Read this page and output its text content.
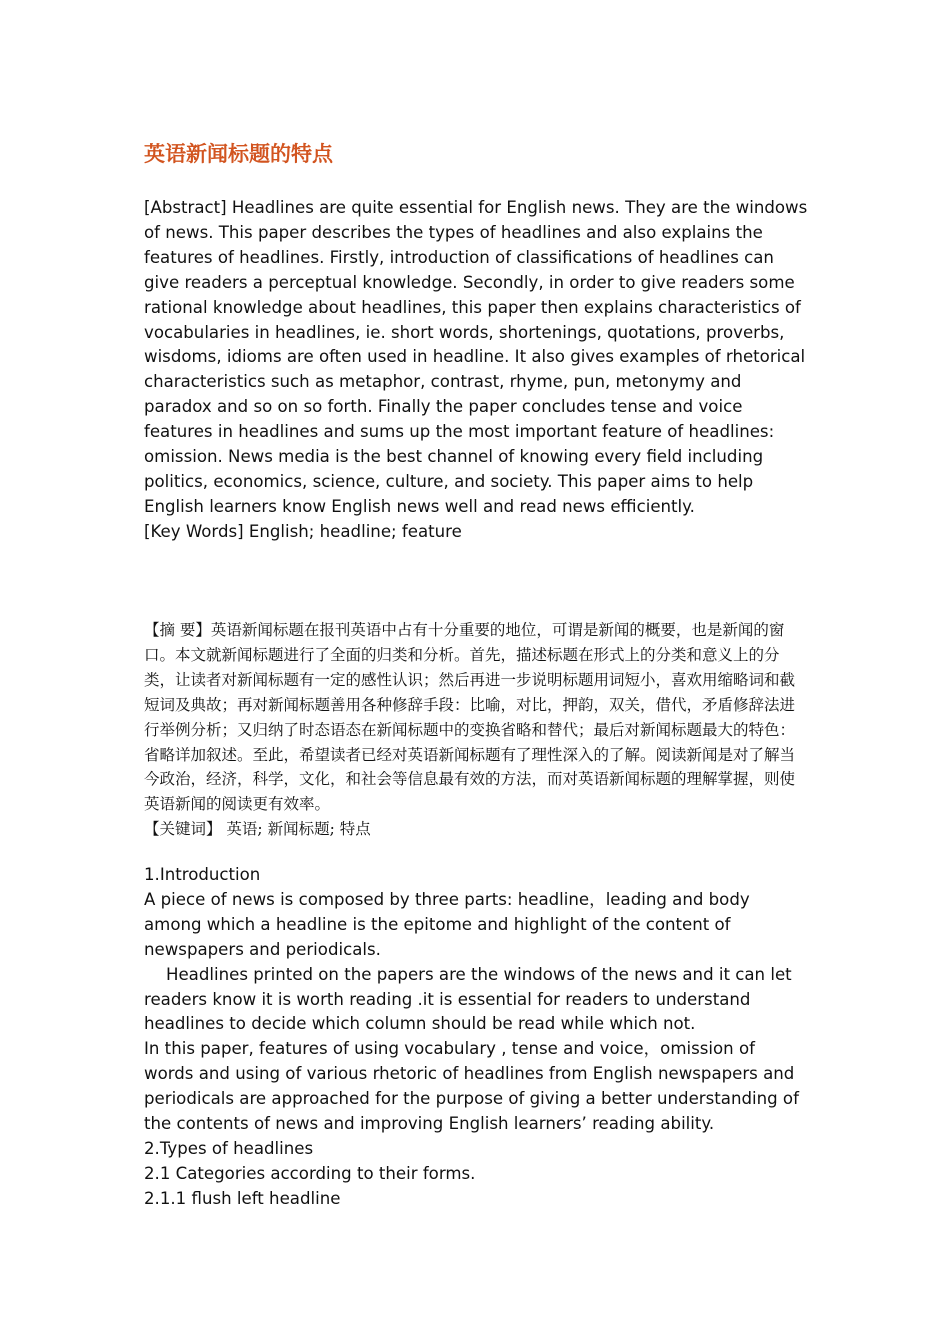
英语新闻标题的特点

[Abstract] Headlines are quite essential for English news. They are the windows of news. This paper describes the types of headlines and also explains the features of headlines. Firstly, introduction of classifications of headlines can give readers a perceptual knowledge. Secondly, in order to give readers some rational knowledge about headlines, this paper then explains characteristics of vocabularies in headlines, ie. short words, shortenings, quotations, proverbs, wisdoms, idioms are often used in headline. It also gives examples of rhetorical characteristics such as metaphor, contrast, rhyme, pun, metonymy and paradox and so on so forth. Finally the paper concludes tense and voice features in headlines and sums up the most important feature of headlines: omission. News media is the best channel of knowing every field including politics, economics, science, culture, and society. This paper aims to help English learners know English news well and read news efficiently.

[Key Words] English; headline; feature

【摘 要】英语新闻标题在报刊英语中占有十分重要的地位，可谓是新闻的概要，也是新闻的窗口。本文就新闻标题进行了全面的归类和分析。首先，描述标题在形式上的分类和意义上的分类，让读者对新闻标题有一定的感性认识；然后再进一步说明标题用词短小，喜欢用缩略词和截短词及典故；再对新闻标题善用各种修辞手段：比喻，对比，押韵，双关，借代，矛盾修辞法进行举例分析；又归纳了时态语态在新闻标题中的变换省略和替代；最后对新闻标题最大的特色：省略详加叙述。至此，希望读者已经对英语新闻标题有了理性深入的了解。阅读新闻是对了解当今政治，经济，科学，文化，和社会等信息最有效的方法，而对英语新闻标题的理解掌握，则使英语新闻的阅读更有效率。

【关键词】 英语; 新闻标题; 特点

1.Introduction

A piece of news is composed by three parts: headline，leading and body among which a headline is the epitome and highlight of the content of newspapers and periodicals.

Headlines printed on the papers are the windows of the news and it can let readers know it is worth reading .it is essential for readers to understand headlines to decide which column should be read while which not.

In this paper, features of using vocabulary , tense and voice，omission of words and using of various rhetoric of headlines from English newspapers and periodicals are approached for the purpose of giving a better understanding of the contents of news and improving English learners’ reading ability.

2.Types of headlines

2.1 Categories according to their forms.

2.1.1 flush left headline
